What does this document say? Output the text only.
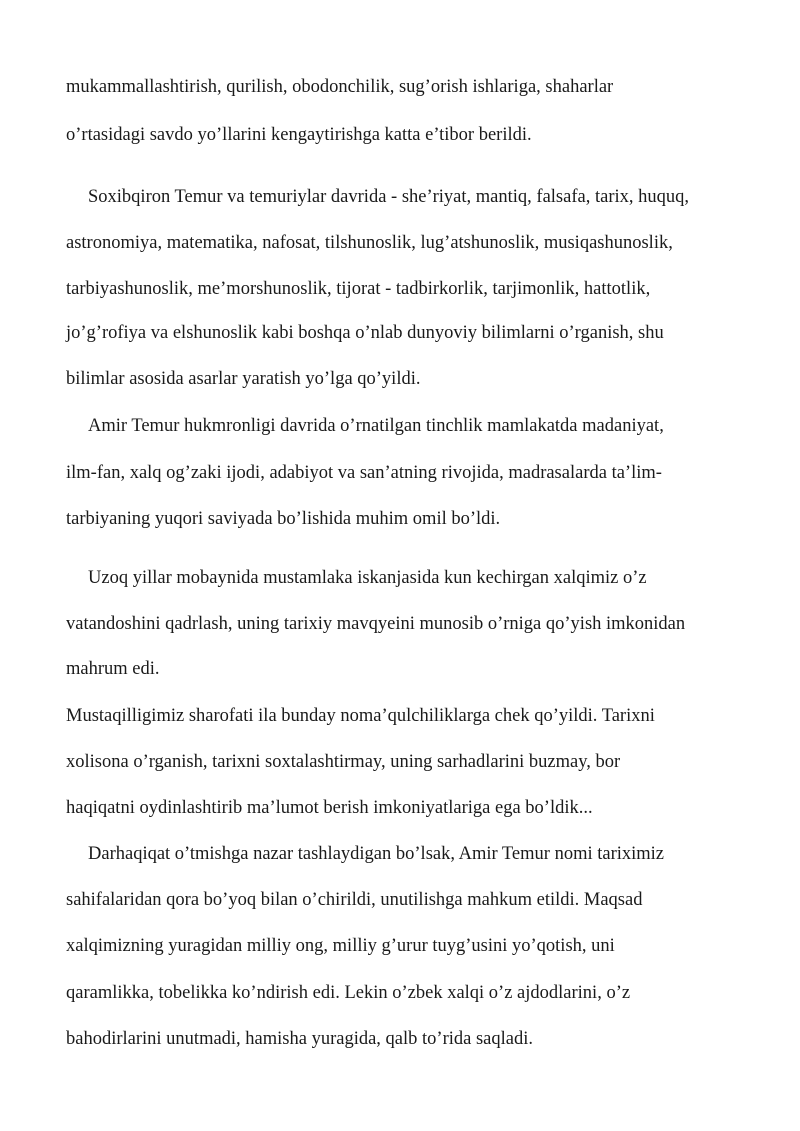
mukammallashtirish, qurilish, obodonchilik, sug’orish ishlariga, shaharlar

o’rtasidagi savdo yo’llarini kengaytirishga katta e’tibor berildi.

Soxibqiron Temur va temuriylar davrida - she’riyat, mantiq, falsafa, tarix, huquq,

astronomiya, matematika, nafosat, tilshunoslik, lug’atshunoslik, musiqashunoslik,

tarbiyashunoslik, me’morshunoslik, tijorat - tadbirkorlik, tarjimonlik, hattotlik,

jo’g’rofiya va elshunoslik kabi boshqa o’nlab dunyoviy bilimlarni o’rganish, shu

bilimlar asosida asarlar yaratish yo’lga qo’yildi.

Amir Temur hukmronligi davrida o’rnatilgan tinchlik mamlakatda madaniyat,

ilm-fan, xalq og’zaki ijodi, adabiyot va san’atning rivojida, madrasalarda ta’lim-

tarbiyaning yuqori saviyada bo’lishida muhim omil bo’ldi.

Uzoq yillar mobaynida mustamlaka iskanjasida kun kechirgan xalqimiz o’z

vatandoshini qadrlash, uning tarixiy mavqyeini munosib o’rniga qo’yish imkonidan

mahrum edi.

Mustaqilligimiz sharofati ila bunday noma’qulchiliklarga chek qo’yildi. Tarixni

xolisona o’rganish, tarixni soxtalashtirmay, uning sarhadlarini buzmay, bor

haqiqatni oydinlashtirib ma’lumot berish imkoniyatlariga ega bo’ldik...

Darhaqiqat o’tmishga nazar tashlaydigan bo’lsak, Amir Temur nomi tariximiz

sahifalaridan qora bo’yoq bilan o’chirildi, unutilishga mahkum etildi. Maqsad

xalqimizning yuragidan milliy ong, milliy g’urur tuyg’usini yo’qotish, uni

qaramlikka, tobelikka ko’ndirish edi. Lekin o’zbek xalqi o’z ajdodlarini, o’z

bahodirlarini unutmadi, hamisha yuragida, qalb to’rida saqladi.
